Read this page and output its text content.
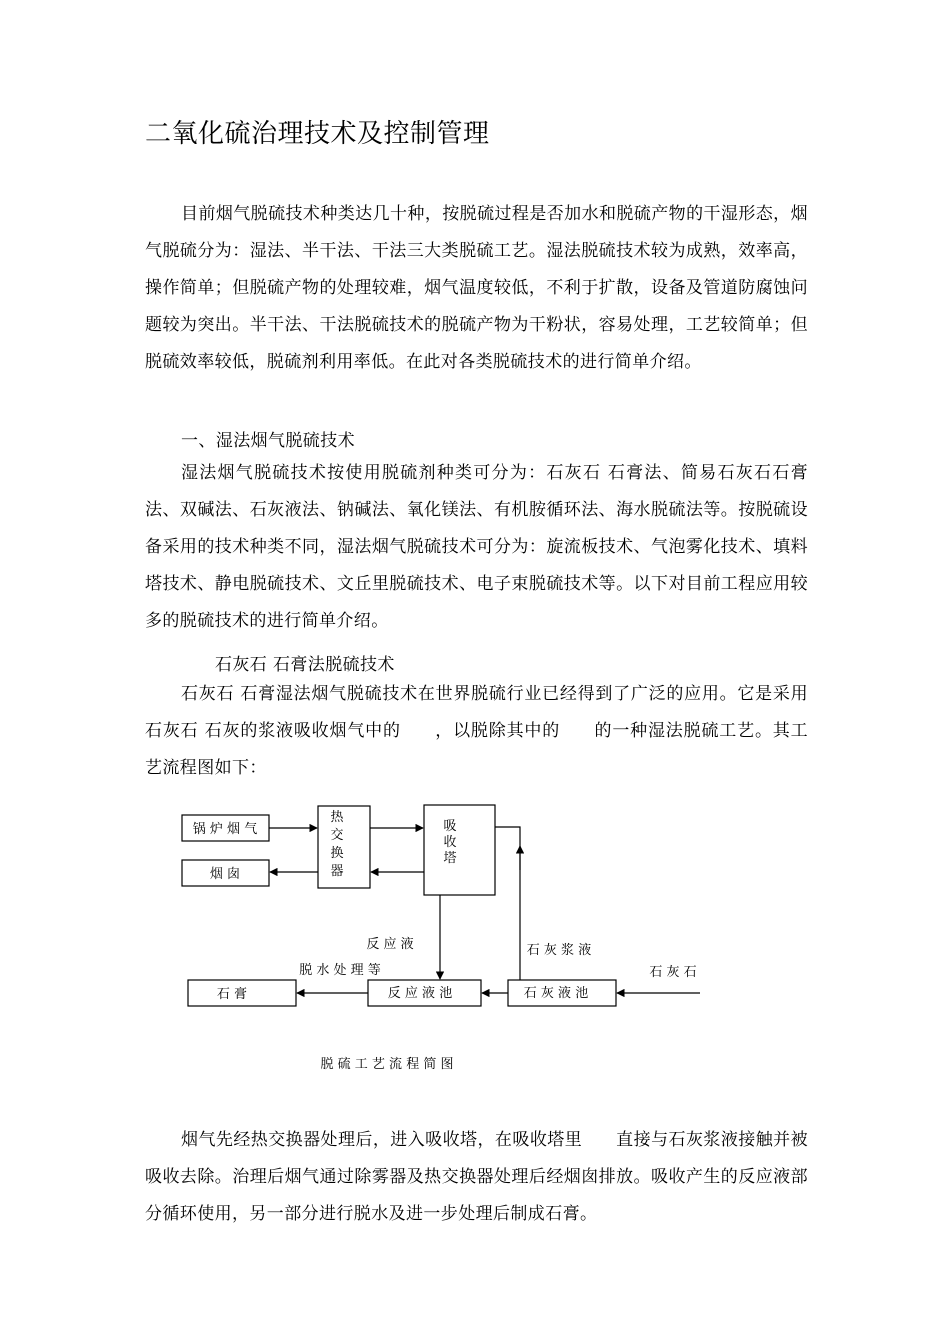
二氧化硫治理技术及控制管理

目前烟气脱硫技术种类达几十种，按脱硫过程是否加水和脱硫产物的干湿形态，烟气脱硫分为：湿法、半干法、干法三大类脱硫工艺。湿法脱硫技术较为成熟，效率高，操作简单；但脱硫产物的处理较难，烟气温度较低，不利于扩散，设备及管道防腐蚀问题较为突出。半干法、干法脱硫技术的脱硫产物为干粉状，容易处理，工艺较简单；但脱硫效率较低，脱硫剂利用率低。在此对各类脱硫技术的进行简单介绍。

一、湿法烟气脱硫技术

湿法烟气脱硫技术按使用脱硫剂种类可分为：石灰石 石膏法、简易石灰石石膏法、双碱法、石灰液法、钠碱法、氧化镁法、有机胺循环法、海水脱硫法等。按脱硫设备采用的技术种类不同，湿法烟气脱硫技术可分为：旋流板技术、气泡雾化技术、填料塔技术、静电脱硫技术、文丘里脱硫技术、电子束脱硫技术等。以下对目前工程应用较多的脱硫技术的进行简单介绍。

石灰石 石膏法脱硫技术

石灰石 石膏湿法烟气脱硫技术在世界脱硫行业已经得到了广泛的应用。它是采用石灰石 石灰的浆液吸收烟气中的 ，以脱除其中的 的一种湿法脱硫工艺。其工艺流程图如下：

锅 炉 烟 气
烟 囱
热
交
换
器
吸
收
塔
石 膏	反 应 液 池	石 灰 液 池
反 应 液	石 灰 浆 液
脱 水 处 理 等	石 灰 石
脱 硫 工 艺 流 程 简 图

烟气先经热交换器处理后，进入吸收塔，在吸收塔里 直接与石灰浆液接触并被吸收去除。治理后烟气通过除雾器及热交换器处理后经烟囱排放。吸收产生的反应液部分循环使用，另一部分进行脱水及进一步处理后制成石膏。
